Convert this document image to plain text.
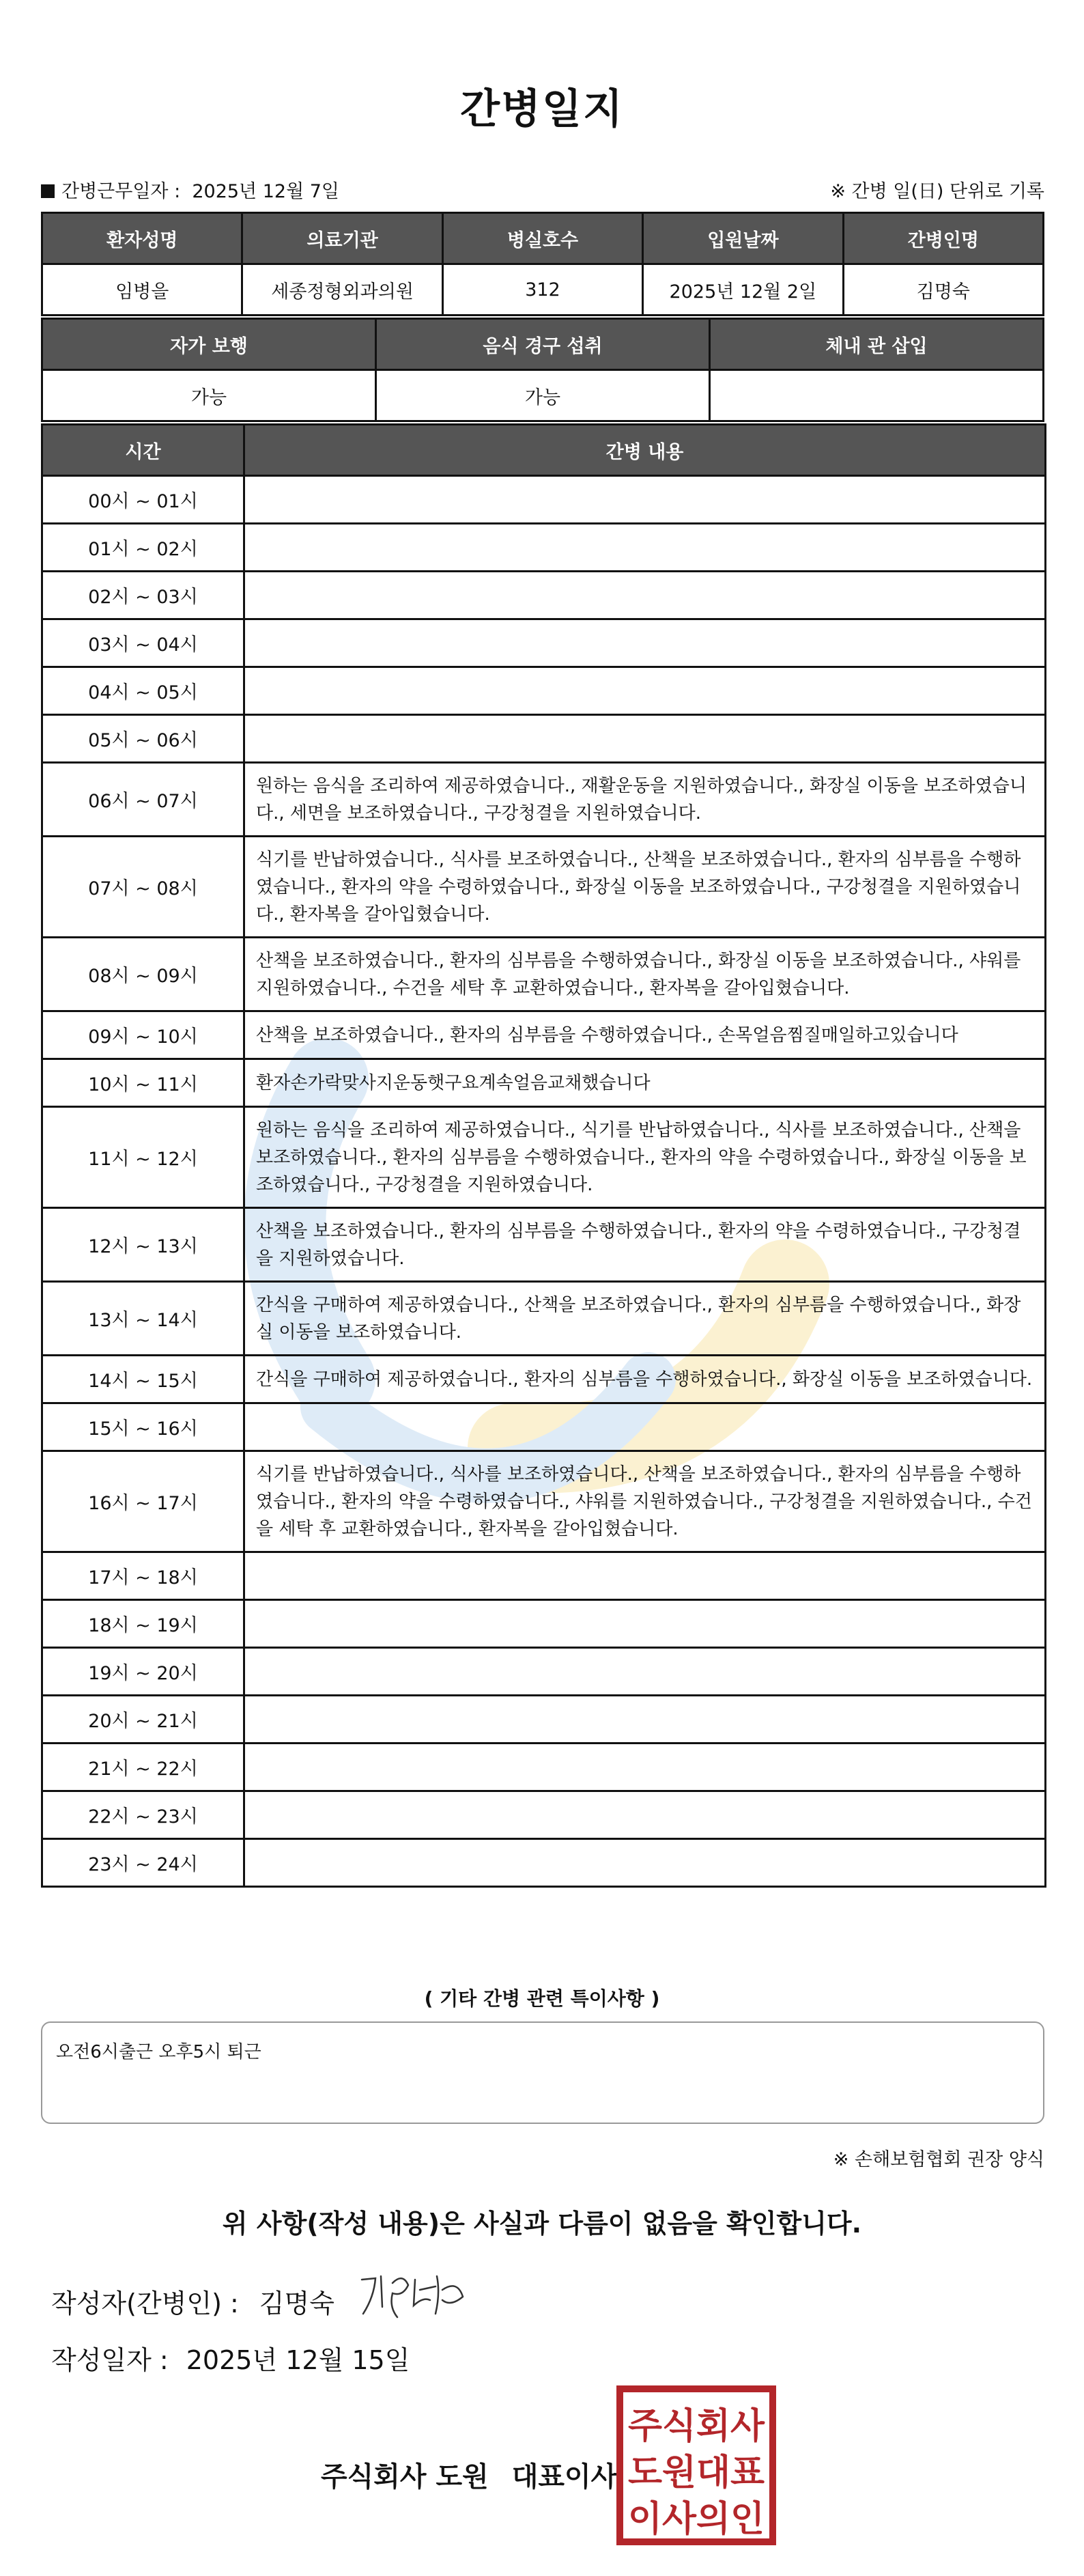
간병일지
간병근무일자 : 2025년 12월 7일	※ 간병 일(日) 단위로 기록
환자성명	의료기관	병실호수	입원날짜	간병인명
임병을	세종정형외과의원	312	2025년 12월 2일	김명숙
자가 보행	음식 경구 섭취	체내 관 삽입
가능	가능	
시간	간병 내용
00시 ~ 01시	
01시 ~ 02시	
02시 ~ 03시	
03시 ~ 04시	
04시 ~ 05시	
05시 ~ 06시	
06시 ~ 07시	원하는 음식을 조리하여 제공하였습니다., 재활운동을 지원하였습니다., 화장실 이동을 보조하였습니다., 세면을 보조하였습니다., 구강청결을 지원하였습니다.
07시 ~ 08시	식기를 반납하였습니다., 식사를 보조하였습니다., 산책을 보조하였습니다., 환자의 심부름을 수행하였습니다., 환자의 약을 수령하였습니다., 화장실 이동을 보조하였습니다., 구강청결을 지원하였습니다., 환자복을 갈아입혔습니다.
08시 ~ 09시	산책을 보조하였습니다., 환자의 심부름을 수행하였습니다., 화장실 이동을 보조하였습니다., 샤워를 지원하였습니다., 수건을 세탁 후 교환하였습니다., 환자복을 갈아입혔습니다.
09시 ~ 10시	산책을 보조하였습니다., 환자의 심부름을 수행하였습니다., 손목얼음찜질매일하고있습니다
10시 ~ 11시	환자손가락맞사지운동햇구요계속얼음교채했습니다
11시 ~ 12시	원하는 음식을 조리하여 제공하였습니다., 식기를 반납하였습니다., 식사를 보조하였습니다., 산책을 보조하였습니다., 환자의 심부름을 수행하였습니다., 환자의 약을 수령하였습니다., 화장실 이동을 보조하였습니다., 구강청결을 지원하였습니다.
12시 ~ 13시	산책을 보조하였습니다., 환자의 심부름을 수행하였습니다., 환자의 약을 수령하였습니다., 구강청결을 지원하였습니다.
13시 ~ 14시	간식을 구매하여 제공하였습니다., 산책을 보조하였습니다., 환자의 심부름을 수행하였습니다., 화장실 이동을 보조하였습니다.
14시 ~ 15시	간식을 구매하여 제공하였습니다., 환자의 심부름을 수행하였습니다., 화장실 이동을 보조하였습니다.
15시 ~ 16시	
16시 ~ 17시	식기를 반납하였습니다., 식사를 보조하였습니다., 산책을 보조하였습니다., 환자의 심부름을 수행하였습니다., 환자의 약을 수령하였습니다., 샤워를 지원하였습니다., 구강청결을 지원하였습니다., 수건을 세탁 후 교환하였습니다., 환자복을 갈아입혔습니다.
17시 ~ 18시	
18시 ~ 19시	
19시 ~ 20시	
20시 ~ 21시	
21시 ~ 22시	
22시 ~ 23시	
23시 ~ 24시	
( 기타 간병 관련 특이사항 )
오전6시출근 오후5시 퇴근
※ 손해보험협회 권장 양식
위 사항(작성 내용)은 사실과 다름이 없음을 확인합니다.
작성자(간병인) : 김명숙
작성일자 : 2025년 12월 15일
주식회사 도원 대표이사
주식회사
도원대표
이사의인
